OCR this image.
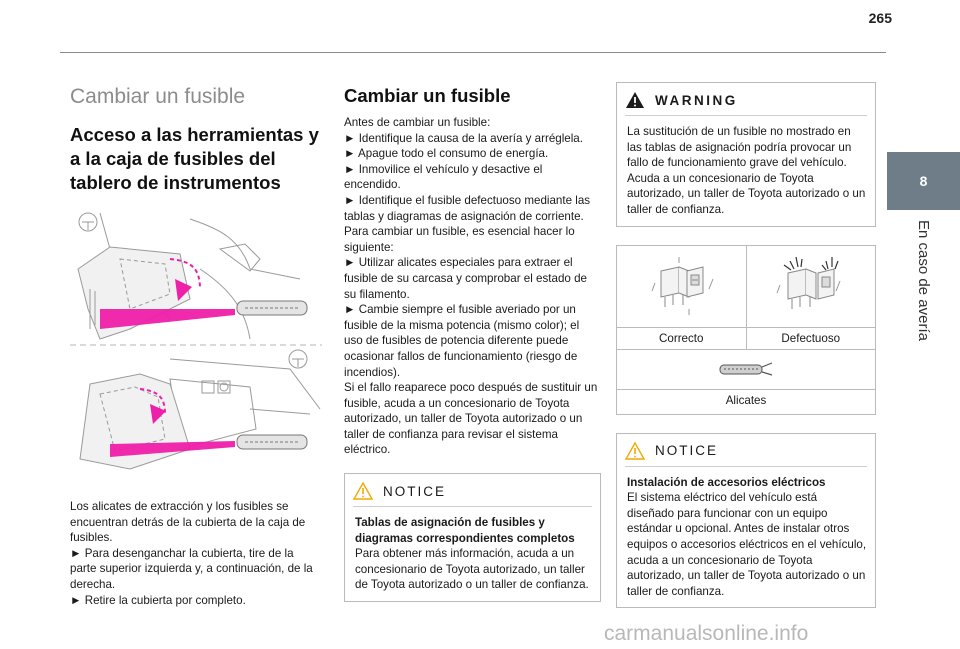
265
8
En caso de avería
Cambiar un fusible
Acceso a las herramientas y a la caja de fusibles del tablero de instrumentos

Los alicates de extracción y los fusibles se encuentran detrás de la cubierta de la caja de fusibles.

► Para desenganchar la cubierta, tire de la parte superior izquierda y, a continuación, de la derecha.

► Retire la cubierta por completo.

Cambiar un fusible

Antes de cambiar un fusible:

► Identifique la causa de la avería y arréglela.

► Apague todo el consumo de energía.

► Inmovilice el vehículo y desactive el encendido.

► Identifique el fusible defectuoso mediante las tablas y diagramas de asignación de corriente. Para cambiar un fusible, es esencial hacer lo siguiente:

► Utilizar alicates especiales para extraer el fusible de su carcasa y comprobar el estado de su filamento.

► Cambie siempre el fusible averiado por un fusible de la misma potencia (mismo color); el uso de fusibles de potencia diferente puede ocasionar fallos de funcionamiento (riesgo de incendios).

Si el fallo reaparece poco después de sustituir un fusible, acuda a un concesionario de Toyota autorizado, un taller de Toyota autorizado o un taller de confianza para revisar el sistema eléctrico.

NOTICE

Tablas de asignación de fusibles y diagramas correspondientes completos

Para obtener más información, acuda a un concesionario de Toyota autorizado, un taller de Toyota autorizado o un taller de confianza.

WARNING

La sustitución de un fusible no mostrado en las tablas de asignación podría provocar un fallo de funcionamiento grave del vehículo. Acuda a un concesionario de Toyota autorizado, un taller de Toyota autorizado o un taller de confianza.

Correcto	Defectuoso
Alicates
NOTICE

Instalación de accesorios eléctricos

El sistema eléctrico del vehículo está diseñado para funcionar con un equipo estándar u opcional. Antes de instalar otros equipos o accesorios eléctricos en el vehículo, acuda a un concesionario de Toyota autorizado, un taller de Toyota autorizado o un taller de confianza.

carmanualsonline.info
